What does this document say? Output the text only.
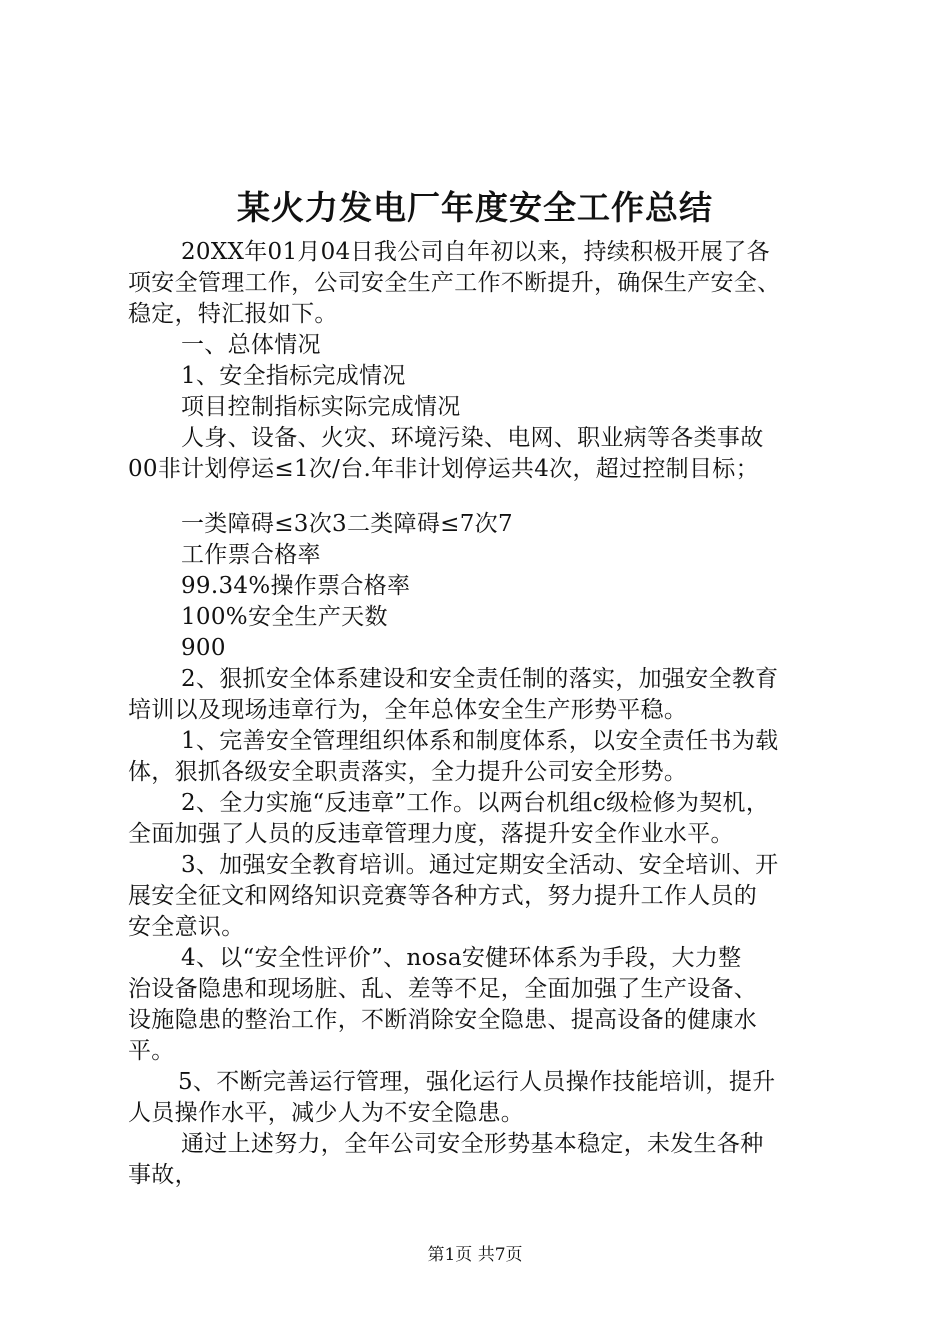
某火力发电厂年度安全工作总结
20XX年01月04日我公司自年初以来，持续积极开展了各
项安全管理工作，公司安全生产工作不断提升，确保生产安全、
稳定，特汇报如下。
一、总体情况
1、安全指标完成情况
项目控制指标实际完成情况
人身、设备、火灾、环境污染、电网、职业病等各类事故
00非计划停运≤1次/台.年非计划停运共4次，超过控制目标；
一类障碍≤3次3二类障碍≤7次7
工作票合格率
99.34%操作票合格率
100%安全生产天数
900
2、狠抓安全体系建设和安全责任制的落实，加强安全教育
培训以及现场违章行为，全年总体安全生产形势平稳。
1、完善安全管理组织体系和制度体系，以安全责任书为载
体，狠抓各级安全职责落实，全力提升公司安全形势。
2、全力实施“反违章”工作。以两台机组c级检修为契机，
全面加强了人员的反违章管理力度，落提升安全作业水平。
3、加强安全教育培训。通过定期安全活动、安全培训、开
展安全征文和网络知识竞赛等各种方式，努力提升工作人员的
安全意识。
4、以“安全性评价”、nosa安健环体系为手段，大力整
治设备隐患和现场脏、乱、差等不足，全面加强了生产设备、
设施隐患的整治工作，不断消除安全隐患、提高设备的健康水
平。
5、不断完善运行管理，强化运行人员操作技能培训，提升
人员操作水平，减少人为不安全隐患。
通过上述努力，全年公司安全形势基本稳定，未发生各种
事故，
第1页 共7页
